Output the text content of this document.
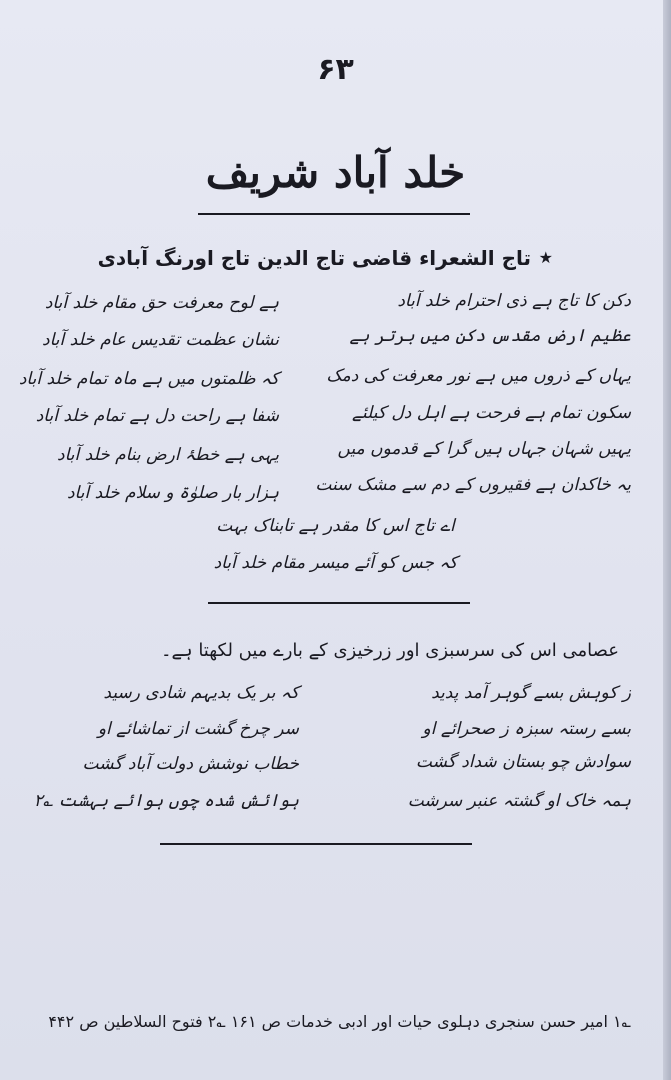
۶۳
خلد آباد شریف
★
تاج الشعراء قاضی تاج الدین تاج اورنگ آبادی
دکن کا تاج ہے ذی احترام خلد آباد
عظیم ارض مقدس دکن میں برتر ہے
یہاں کے ذروں میں ہے نور معرفت کی دمک
سکون تمام ہے فرحت ہے اہل دل کیلئے
یہیں شہان جہاں ہیں گرا کے قدموں میں
یہ خاکدان ہے فقیروں کے دم سے مشک سنت
ہے لوح معرفت حق مقام خلد آباد
نشان عظمت تقدیس عام خلد آباد
کہ ظلمتوں میں ہے ماہ تمام خلد آباد
شفا ہے راحت دل ہے تمام خلد آباد
یہی ہے خطۂ ارض بنام خلد آباد
ہزار بار صلوٰۃ و سلام خلد آباد
اے تاج اس کا مقدر ہے تابناک بہت
کہ جس کو آئے میسر مقام خلد آباد
عصامی اس کی سرسبزی اور زرخیزی کے بارے میں لکھتا ہے۔
ز کوہش بسے گوہر آمد پدید
بسے رستہ سبزہ ز صحرائے او
سوادش چو بستان شداد گشت
ہمہ خاک او گشتہ عنبر سرشت
کہ بر یک بدیہم شادی رسید
سر چرخ گشت از تماشائے او
خطاب نوشش دولت آباد گشت
ہوائش شدہ چوں ہوائے بہشت ؎۲
؎۱ امیر حسن سنجری دہلوی حیات اور ادبی خدمات ص ۱۶۱ ؎۲ فتوح السلاطین ص ۴۴۲
